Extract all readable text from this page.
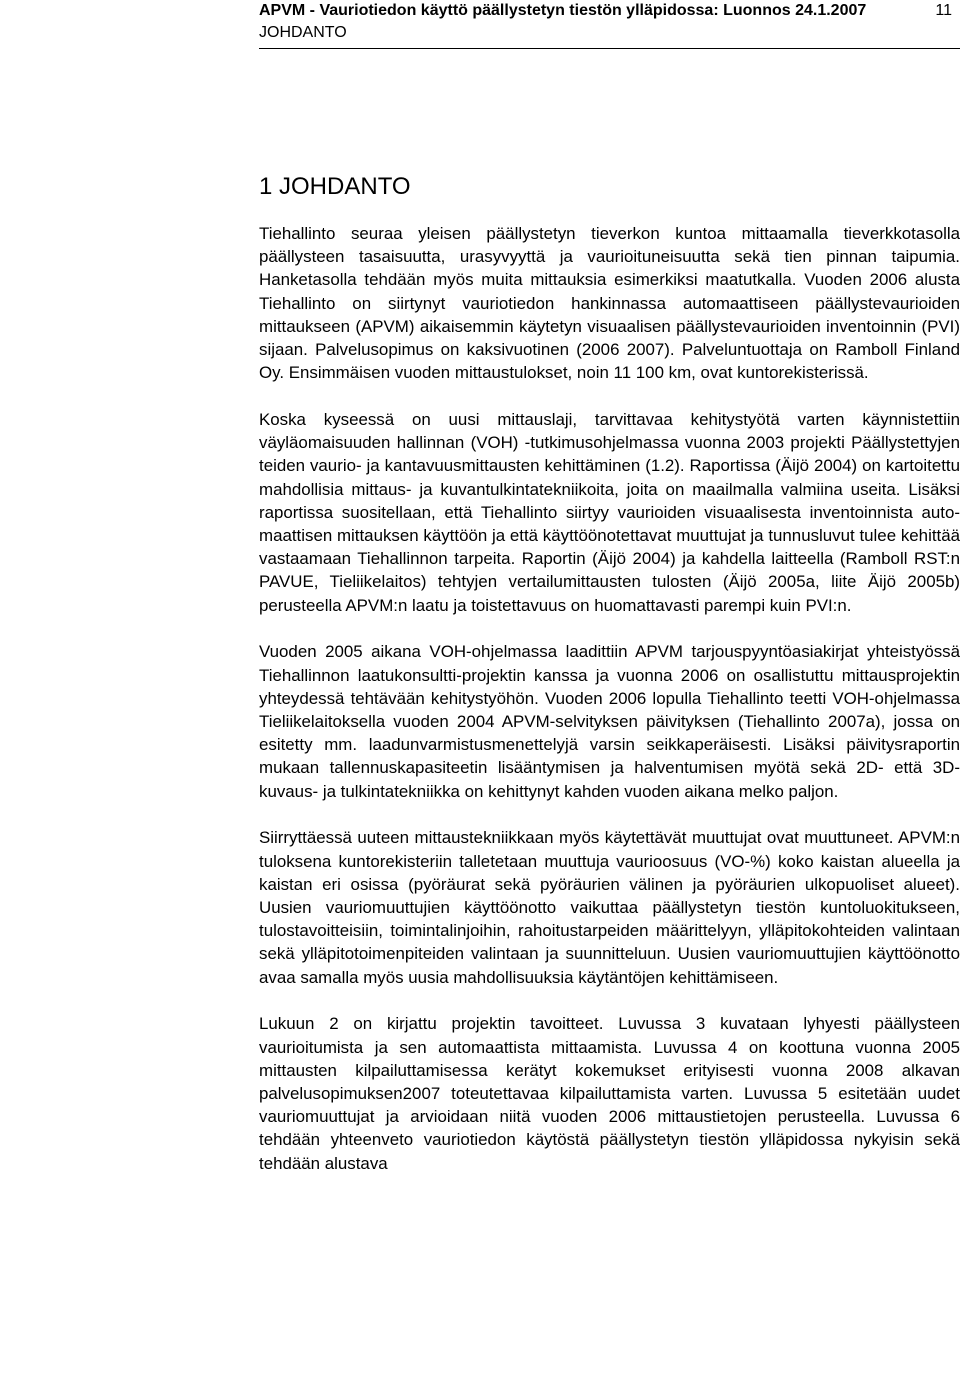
APVM - Vauriotiedon käyttö päällystetyn tiestön ylläpidossa: Luonnos 24.1.2007	11
JOHDANTO
1 JOHDANTO

Tiehallinto seuraa yleisen päällystetyn tieverkon kuntoa mittaamalla tieverkkotasolla päällysteen tasaisuutta, urasyvyyttä ja vaurioituneisuutta sekä tien pinnan taipumia. Hanketasolla tehdään myös muita mittauksia esimerkiksi maatutkalla. Vuoden 2006 alusta Tiehallinto on siirtynyt vauriotiedon hankinnassa automaattiseen päällystevaurioiden mittaukseen (APVM) aikaisemmin käytetyn visuaalisen päällystevaurioiden inventoinnin (PVI) sijaan. Palvelusopimus on kaksivuotinen (2006 2007). Palveluntuottaja on Ramboll Finland Oy. Ensimmäisen vuoden mittaustulokset, noin 11 100 km, ovat kuntorekisterissä.

Koska kyseessä on uusi mittauslaji, tarvittavaa kehitystyötä varten käynnistettiin väyläomaisuuden hallinnan (VOH) -tutkimusohjelmassa vuonna 2003 projekti Päällystettyjen teiden vaurio- ja kantavuusmittausten kehittäminen (1.2). Raportissa (Äijö 2004) on kartoitettu mahdollisia mittaus- ja kuvantulkintatekniikoita, joita on maailmalla valmiina useita. Lisäksi raportissa suositellaan, että Tiehallinto siirtyy vaurioiden visuaalisesta inventoinnista automaattisen mittauksen käyttöön ja että käyttöönotettavat muuttujat ja tunnusluvut tulee kehittää vastaamaan Tiehallinnon tarpeita. Raportin (Äijö 2004) ja kahdella laitteella (Ramboll RST:n PAVUE, Tieliikelaitos) tehtyjen vertailumittausten tulosten (Äijö 2005a, liite Äijö 2005b) perusteella APVM:n laatu ja toistettavuus on huomattavasti parempi kuin PVI:n.

Vuoden 2005 aikana VOH-ohjelmassa laadittiin APVM tarjouspyyntöasiakirjat yhteistyössä Tiehallinnon laatukonsultti-projektin kanssa ja vuonna 2006 on osallistuttu mittausprojektin yhteydessä tehtävään kehitystyöhön. Vuoden 2006 lopulla Tiehallinto teetti VOH-ohjelmassa Tieliikelaitoksella vuoden 2004 APVM-selvityksen päivityksen (Tiehallinto 2007a), jossa on esitetty mm. laadunvarmistusmenettelyjä varsin seikkaperäisesti. Lisäksi päivitysraportin mukaan tallennuskapasiteetin lisääntymisen ja halventumisen myötä sekä 2D- että 3D-kuvaus- ja tulkintatekniikka on kehittynyt kahden vuoden aikana melko paljon.

Siirryttäessä uuteen mittaustekniikkaan myös käytettävät muuttujat ovat muuttuneet. APVM:n tuloksena kuntorekisteriin talletetaan muuttuja vaurioosuus (VO-%) koko kaistan alueella ja kaistan eri osissa (pyöräurat sekä pyöräurien välinen ja pyöräurien ulkopuoliset alueet). Uusien vauriomuuttujien käyttöönotto vaikuttaa päällystetyn tiestön kuntoluokitukseen, tulostavoitteisiin, toimintalinjoihin, rahoitustarpeiden määrittelyyn, ylläpitokohteiden valintaan sekä ylläpitotoimenpiteiden valintaan ja suunnitteluun. Uusien vauriomuuttujien käyttöönotto avaa samalla myös uusia mahdollisuuksia käytäntöjen kehittämiseen.

Lukuun 2 on kirjattu projektin tavoitteet. Luvussa 3 kuvataan lyhyesti päällysteen vaurioitumista ja sen automaattista mittaamista. Luvussa 4 on koottuna vuonna 2005 mittausten kilpailuttamisessa kerätyt kokemukset erityisesti vuonna 2008 alkavan palvelusopimuksen2007 toteutettavaa kilpailuttamista varten. Luvussa 5 esitetään uudet vauriomuuttujat ja arvioidaan niitä vuoden 2006 mittaustietojen perusteella. Luvussa 6 tehdään yhteenveto vauriotiedon käytöstä päällystetyn tiestön ylläpidossa nykyisin sekä tehdään alustava
